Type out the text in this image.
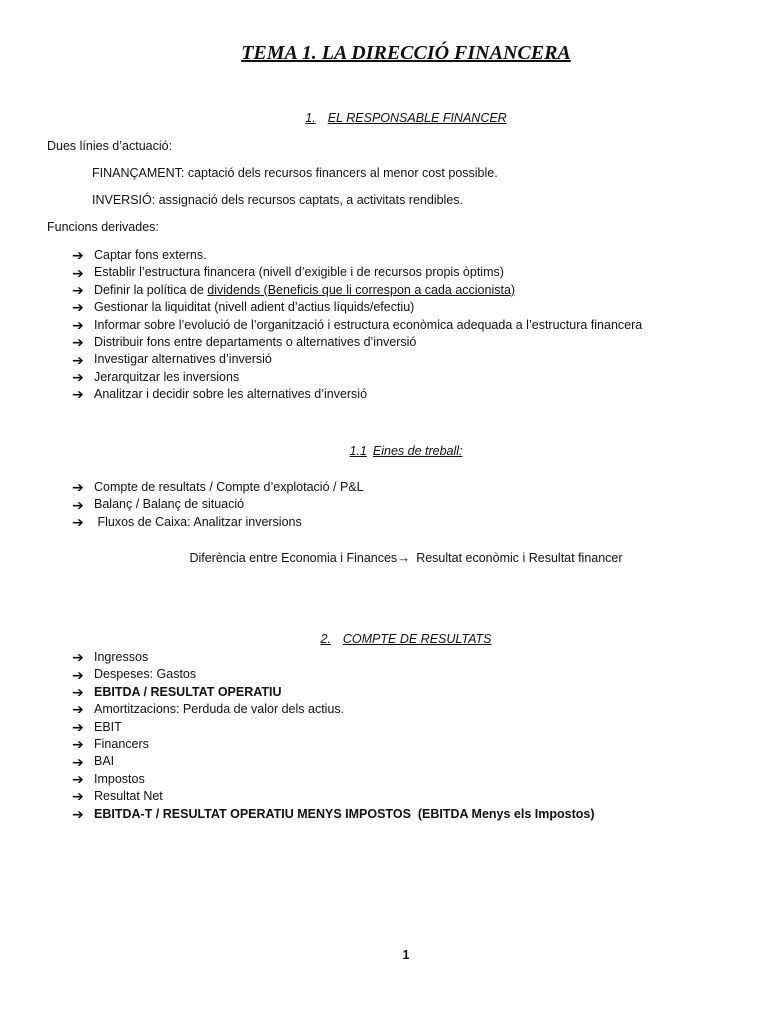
TEMA 1. LA DIRECCIÓ FINANCERA
1. EL RESPONSABLE FINANCER
Dues línies d’actuació:
FINANÇAMENT: captació dels recursos financers al menor cost possible.
INVERSIÓ: assignació dels recursos captats, a activitats rendibles.
Funcions derivades:
➔ Captar fons externs.
➔ Establir l’estructura financera (nivell d’exigible i de recursos propis òptims)
➔ Definir la política de dividends (Beneficis que li correspon a cada accionista)
➔ Gestionar la liquiditat (nivell adient d’actius líquids/efectiu)
➔ Informar sobre l’evolució de l’organització i estructura econòmica adequada a l’estructura financera
➔ Distribuir fons entre departaments o alternatives d’inversió
➔ Investigar alternatives d’inversió
➔ Jerarquitzar les inversions
➔ Analitzar i decidir sobre les alternatives d’inversió
1.1 Eines de treball:
➔ Compte de resultats / Compte d’explotació / P&L
➔ Balanç / Balanç de situació
➔ Fluxos de Caixa: Analitzar inversions
Diferència entre Economia i Finances→ Resultat econòmic i Resultat financer
2. COMPTE DE RESULTATS
➔ Ingressos
➔ Despeses: Gastos
➔ EBITDA / RESULTAT OPERATIU
➔ Amortitzacions: Perduda de valor dels actius.
➔ EBIT
➔ Financers
➔ BAI
➔ Impostos
➔ Resultat Net
➔ EBITDA-T / RESULTAT OPERATIU MENYS IMPOSTOS  (EBITDA Menys els Impostos)
1
